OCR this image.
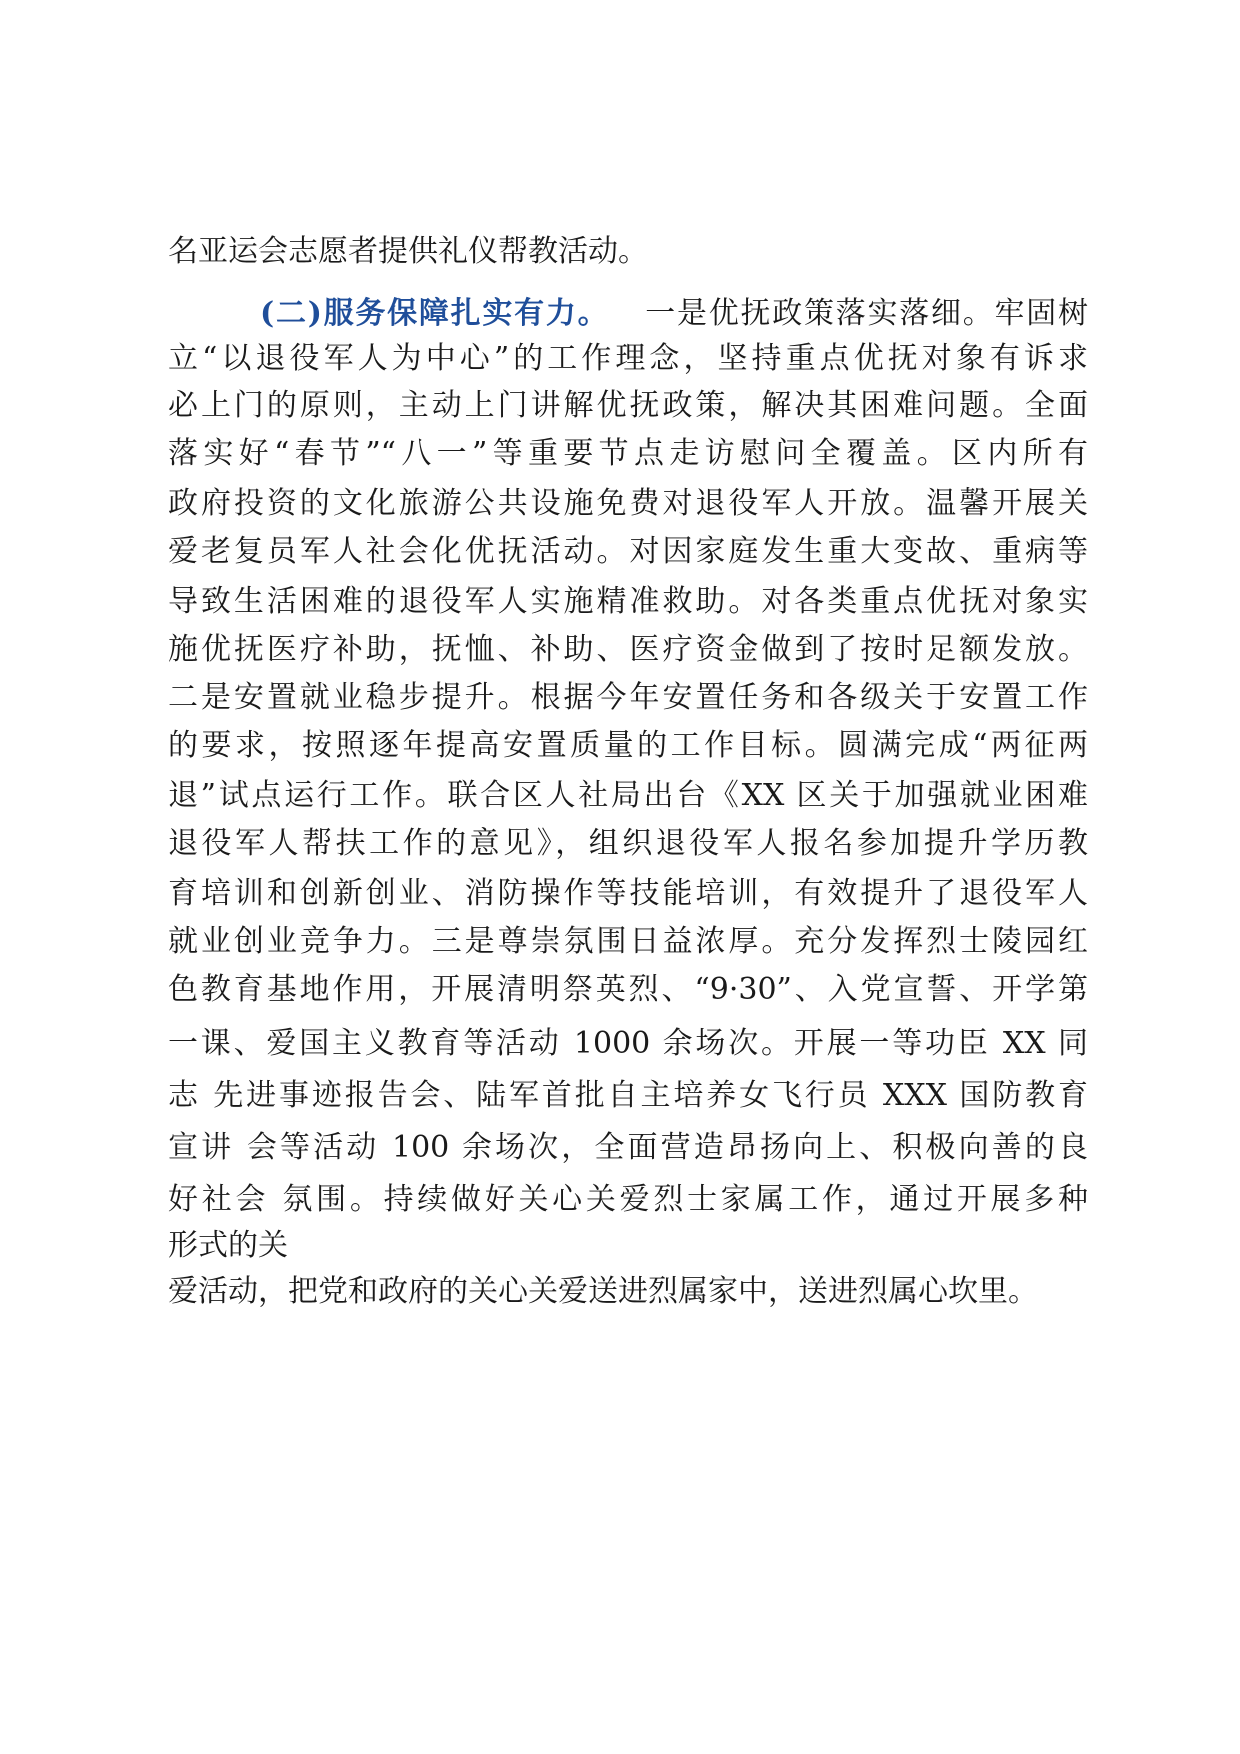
名亚运会志愿者提供礼仪帮教活动。
(二)服务保障扎实有力。 一是优抚政策落实落细。牢固树
立“以退役军人为中心”的工作理念，坚持重点优抚对象有诉求
必上门的原则，主动上门讲解优抚政策，解决其困难问题。全面
落实好“春节”“八一”等重要节点走访慰问全覆盖。区内所有
政府投资的文化旅游公共设施免费对退役军人开放。温馨开展关
爱老复员军人社会化优抚活动。对因家庭发生重大变故、重病等
导致生活困难的退役军人实施精准救助。对各类重点优抚对象实
施优抚医疗补助，抚恤、补助、医疗资金做到了按时足额发放。
二是安置就业稳步提升。根据今年安置任务和各级关于安置工作
的要求，按照逐年提高安置质量的工作目标。圆满完成“两征两
退”试点运行工作。联合区人社局出台《XX 区关于加强就业困难
退役军人帮扶工作的意见》，组织退役军人报名参加提升学历教
育培训和创新创业、消防操作等技能培训，有效提升了退役军人
就业创业竞争力。三是尊崇氛围日益浓厚。充分发挥烈士陵园红
色教育基地作用，开展清明祭英烈、“9·30”、入党宣誓、开学第
一课、爱国主义教育等活动 1000 余场次。开展一等功臣 XX 同
志 先进事迹报告会、陆军首批自主培养女飞行员 XXX 国防教育
宣讲 会等活动 100 余场次，全面营造昂扬向上、积极向善的良
好社会 氛围。持续做好关心关爱烈士家属工作，通过开展多种
形式的关
爱活动，把党和政府的关心关爱送进烈属家中，送进烈属心坎里。
